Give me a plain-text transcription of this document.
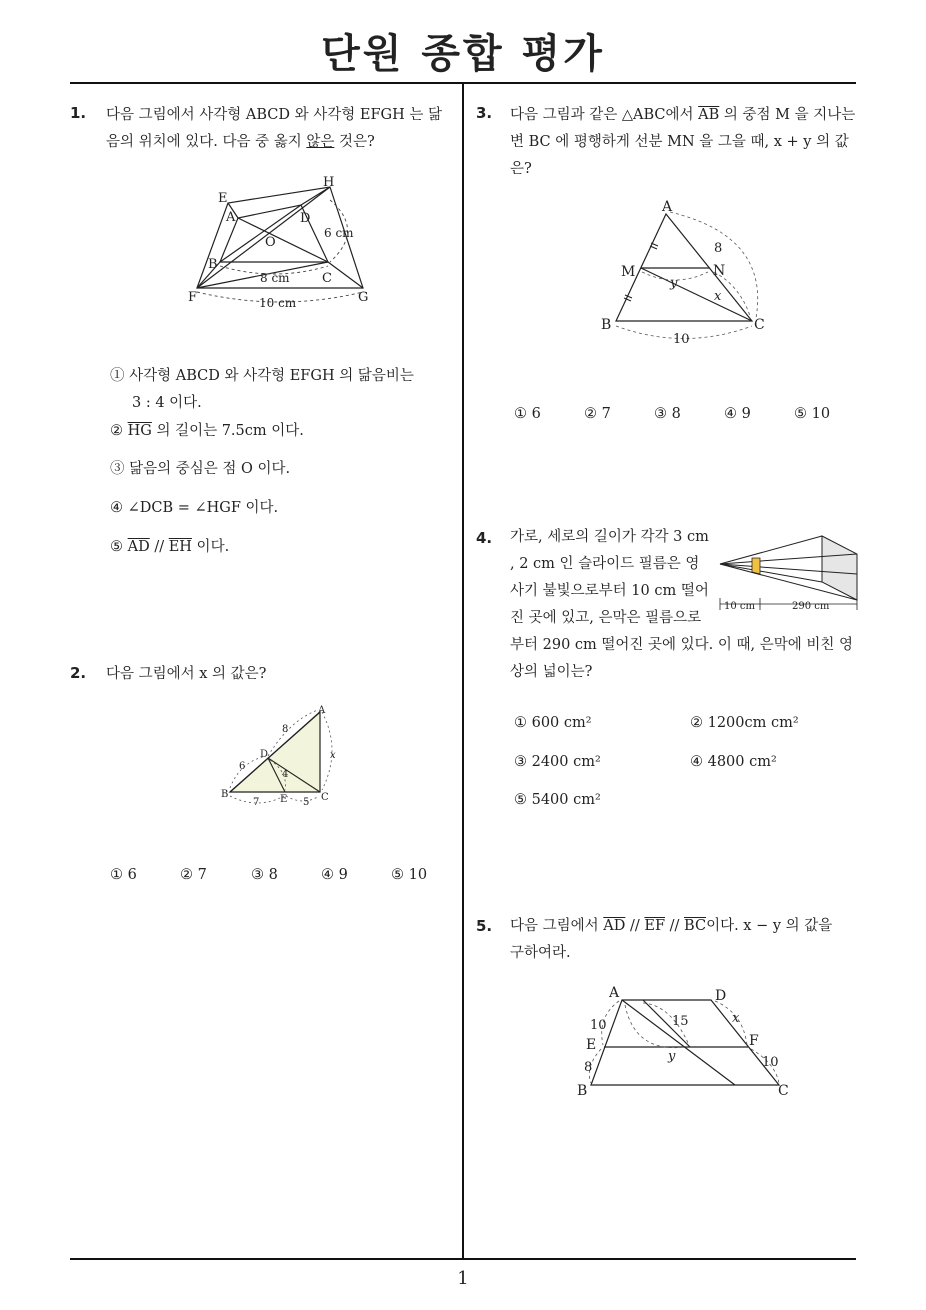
단원 종합 평가
1
1. 다음 그림에서 사각형 ABCD 와 사각형 EFGH 는 닮음의 위치에 있다. 다음 중 옳지 않은 것은?
E
H
A	D
O
6 cm
B
C
8 cm
F	G
10 cm
① 사각형 ABCD 와 사각형 EFGH 의 닮음비는
3 : 4 이다.
② $\overline{HG}$ 의 길이는 7.5cm 이다.
③ 닮음의 중심은 점 O 이다.
④ ∠DCB = ∠HGF 이다.
⑤ $\overline{AD} // \overline{EH}$ 이다.
2. 다음 그림에서 x 의 값은?
8
A
D
6
4
x
B	E	C
7	5
① 6	② 7	③ 8	④ 9	⑤ 10
3. 다음 그림과 같은 △ABC에서 $\overline{AB}$ 의 중점 M 을 지나는 변 BC 에 평행하게 선분 MN 을 그을 때, x + y 의 값은?
A
8
M	N
y
x
B	C
10
① 6	② 7	③ 8	④ 9	⑤ 10
4. 가로, 세로의 길이가 각각 3 cm
, 2 cm 인 슬라이드 필름은 영
사기 불빛으로부터 10 cm 떨어
진 곳에 있고, 은막은 필름으로
부터 290 cm 떨어진 곳에 있다. 이 때, 은막에 비친 영
상의 넓이는?
10 cm	290 cm
① 600 cm²	② 1200cm cm²
③ 2400 cm²	④ 4800 cm²
⑤ 5400 cm²
5. 다음 그림에서 $\overline{AD} // \overline{EF} // \overline{BC}$이다. x − y 의 값을
구하여라.
A	D
10	15	x
E	F
y
8	10
B	C
